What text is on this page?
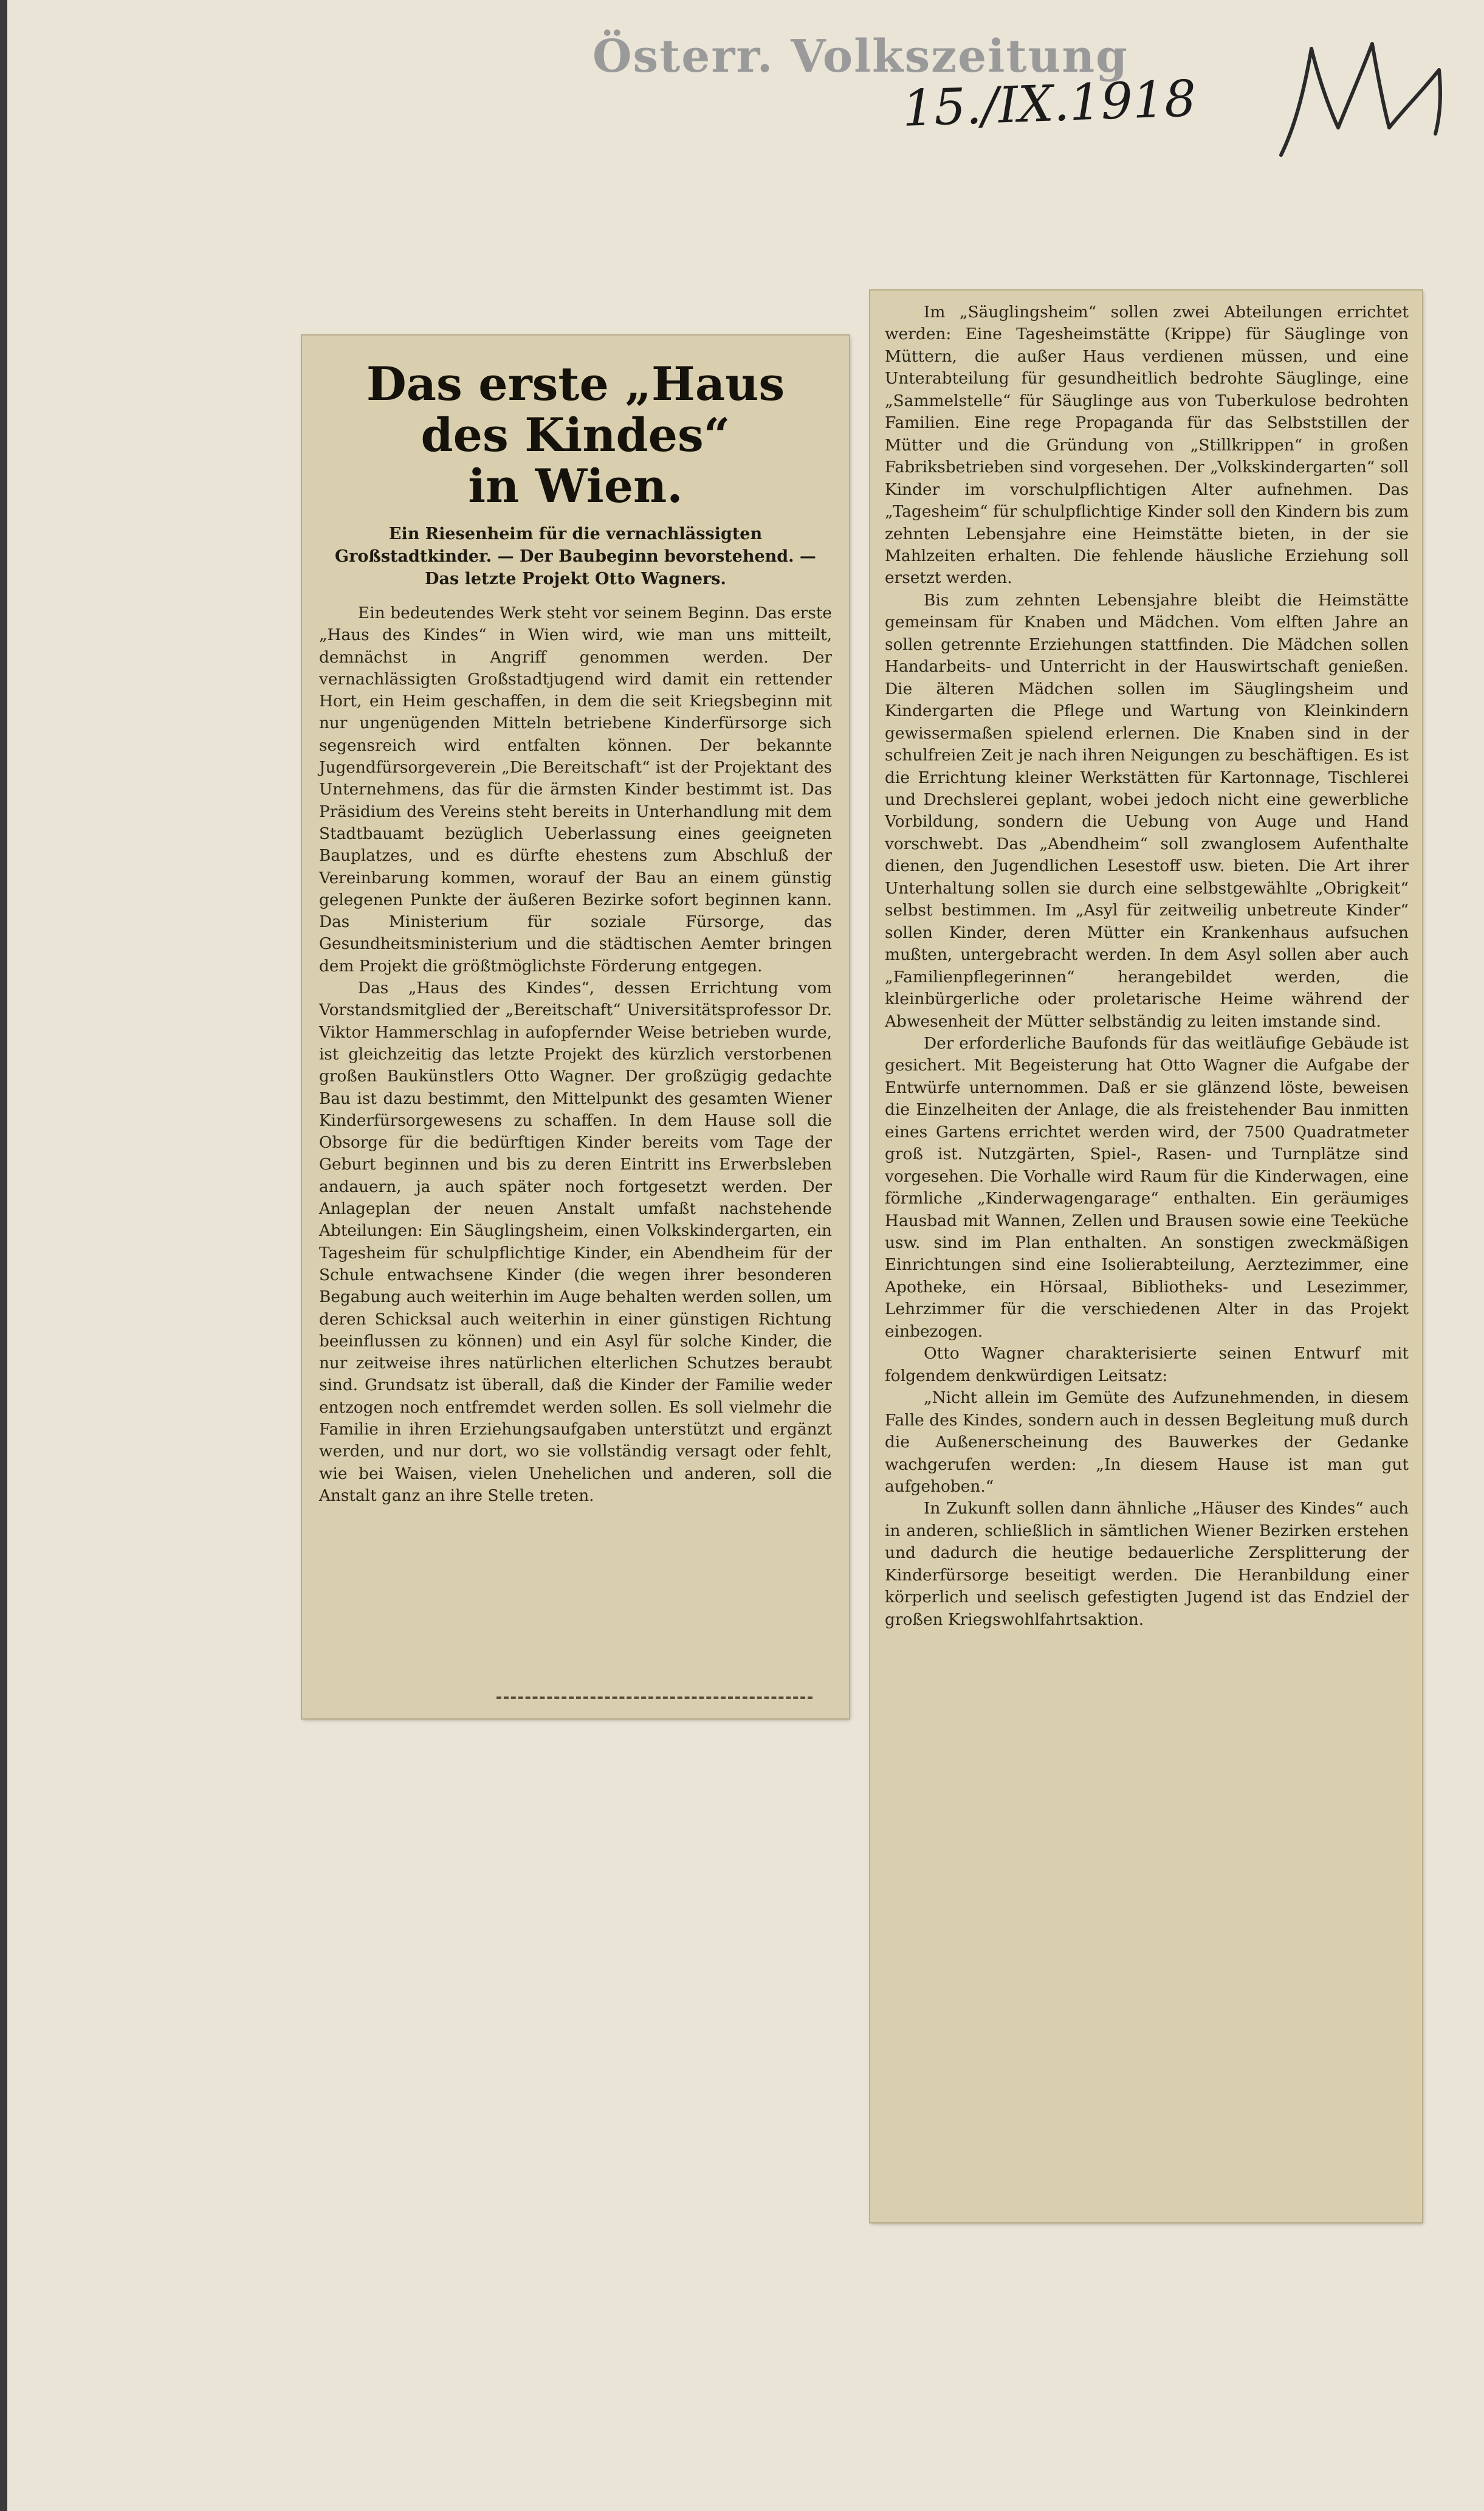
Österr. Volkszeitung
15./IX.1918
Das erste „Haus des Kindes“
in Wien.
Ein Riesenheim für die vernachlässigten Großstadtkinder. — Der Baubeginn bevorstehend. — Das letzte Projekt Otto Wagners.

Ein bedeutendes Werk steht vor seinem Beginn. Das erste „Haus des Kindes“ in Wien wird, wie man uns mitteilt, demnächst in Angriff genommen werden. Der vernachlässigten Großstadtjugend wird damit ein rettender Hort, ein Heim geschaffen, in dem die seit Kriegsbeginn mit nur ungenügenden Mitteln betriebene Kinderfürsorge sich segensreich wird entfalten können. Der bekannte Jugendfürsorgeverein „Die Bereitschaft“ ist der Projektant des Unternehmens, das für die ärmsten Kinder bestimmt ist. Das Präsidium des Vereins steht bereits in Unterhandlung mit dem Stadtbauamt bezüglich Ueberlassung eines geeigneten Bauplatzes, und es dürfte ehestens zum Abschluß der Vereinbarung kommen, worauf der Bau an einem günstig gelegenen Punkte der äußeren Bezirke sofort beginnen kann. Das Ministerium für soziale Fürsorge, das Gesundheitsministerium und die städtischen Aemter bringen dem Projekt die größtmöglichste Förderung entgegen.

Das „Haus des Kindes“, dessen Errichtung vom Vorstandsmitglied der „Bereitschaft“ Universitätsprofessor Dr. Viktor Hammerschlag in aufopfernder Weise betrieben wurde, ist gleichzeitig das letzte Projekt des kürzlich verstorbenen großen Baukünstlers Otto Wagner. Der großzügig gedachte Bau ist dazu bestimmt, den Mittelpunkt des gesamten Wiener Kinderfürsorgewesens zu schaffen. In dem Hause soll die Obsorge für die bedürftigen Kinder bereits vom Tage der Geburt beginnen und bis zu deren Eintritt ins Erwerbsleben andauern, ja auch später noch fortgesetzt werden. Der Anlageplan der neuen Anstalt umfaßt nachstehende Abteilungen: Ein Säuglingsheim, einen Volkskindergarten, ein Tagesheim für schulpflichtige Kinder, ein Abendheim für der Schule entwachsene Kinder (die wegen ihrer besonderen Begabung auch weiterhin im Auge behalten werden sollen, um deren Schicksal auch weiterhin in einer günstigen Richtung beeinflussen zu können) und ein Asyl für solche Kinder, die nur zeitweise ihres natürlichen elterlichen Schutzes beraubt sind. Grundsatz ist überall, daß die Kinder der Familie weder entzogen noch entfremdet werden sollen. Es soll vielmehr die Familie in ihren Erziehungsaufgaben unterstützt und ergänzt werden, und nur dort, wo sie vollständig versagt oder fehlt, wie bei Waisen, vielen Unehelichen und anderen, soll die Anstalt ganz an ihre Stelle treten.

Im „Säuglingsheim“ sollen zwei Abteilungen errichtet werden: Eine Tagesheimstätte (Krippe) für Säuglinge von Müttern, die außer Haus verdienen müssen, und eine Unterabteilung für gesundheitlich bedrohte Säuglinge, eine „Sammelstelle“ für Säuglinge aus von Tuberkulose bedrohten Familien. Eine rege Propaganda für das Selbststillen der Mütter und die Gründung von „Stillkrippen“ in großen Fabriksbetrieben sind vorgesehen. Der „Volkskindergarten“ soll Kinder im vorschulpflichtigen Alter aufnehmen. Das „Tagesheim“ für schulpflichtige Kinder soll den Kindern bis zum zehnten Lebensjahre eine Heimstätte bieten, in der sie Mahlzeiten erhalten. Die fehlende häusliche Erziehung soll ersetzt werden.

Bis zum zehnten Lebensjahre bleibt die Heimstätte gemeinsam für Knaben und Mädchen. Vom elften Jahre an sollen getrennte Erziehungen stattfinden. Die Mädchen sollen Handarbeits- und Unterricht in der Hauswirtschaft genießen. Die älteren Mädchen sollen im Säuglingsheim und Kindergarten die Pflege und Wartung von Kleinkindern gewissermaßen spielend erlernen. Die Knaben sind in der schulfreien Zeit je nach ihren Neigungen zu beschäftigen. Es ist die Errichtung kleiner Werkstätten für Kartonnage, Tischlerei und Drechslerei geplant, wobei jedoch nicht eine gewerbliche Vorbildung, sondern die Uebung von Auge und Hand vorschwebt. Das „Abendheim“ soll zwanglosem Aufenthalte dienen, den Jugendlichen Lesestoff usw. bieten. Die Art ihrer Unterhaltung sollen sie durch eine selbstgewählte „Obrigkeit“ selbst bestimmen. Im „Asyl für zeitweilig unbetreute Kinder“ sollen Kinder, deren Mütter ein Krankenhaus aufsuchen mußten, untergebracht werden. In dem Asyl sollen aber auch „Familienpflegerinnen“ herangebildet werden, die kleinbürgerliche oder proletarische Heime während der Abwesenheit der Mütter selbständig zu leiten imstande sind.

Der erforderliche Baufonds für das weitläufige Gebäude ist gesichert. Mit Begeisterung hat Otto Wagner die Aufgabe der Entwürfe unternommen. Daß er sie glänzend löste, beweisen die Einzelheiten der Anlage, die als freistehender Bau inmitten eines Gartens errichtet werden wird, der 7500 Quadratmeter groß ist. Nutzgärten, Spiel-, Rasen- und Turnplätze sind vorgesehen. Die Vorhalle wird Raum für die Kinderwagen, eine förmliche „Kinderwagengarage“ enthalten. Ein geräumiges Hausbad mit Wannen, Zellen und Brausen sowie eine Teeküche usw. sind im Plan enthalten. An sonstigen zweckmäßigen Einrichtungen sind eine Isolierabteilung, Aerztezimmer, eine Apotheke, ein Hörsaal, Bibliotheks- und Lesezimmer, Lehrzimmer für die verschiedenen Alter in das Projekt einbezogen.

Otto Wagner charakterisierte seinen Entwurf mit folgendem denkwürdigen Leitsatz:

„Nicht allein im Gemüte des Aufzunehmenden, in diesem Falle des Kindes, sondern auch in dessen Begleitung muß durch die Außenerscheinung des Bauwerkes der Gedanke wachgerufen werden: „In diesem Hause ist man gut aufgehoben.“

In Zukunft sollen dann ähnliche „Häuser des Kindes“ auch in anderen, schließlich in sämtlichen Wiener Bezirken erstehen und dadurch die heutige bedauerliche Zersplitterung der Kinderfürsorge beseitigt werden. Die Heranbildung einer körperlich und seelisch gefestigten Jugend ist das Endziel der großen Kriegswohlfahrtsaktion.
